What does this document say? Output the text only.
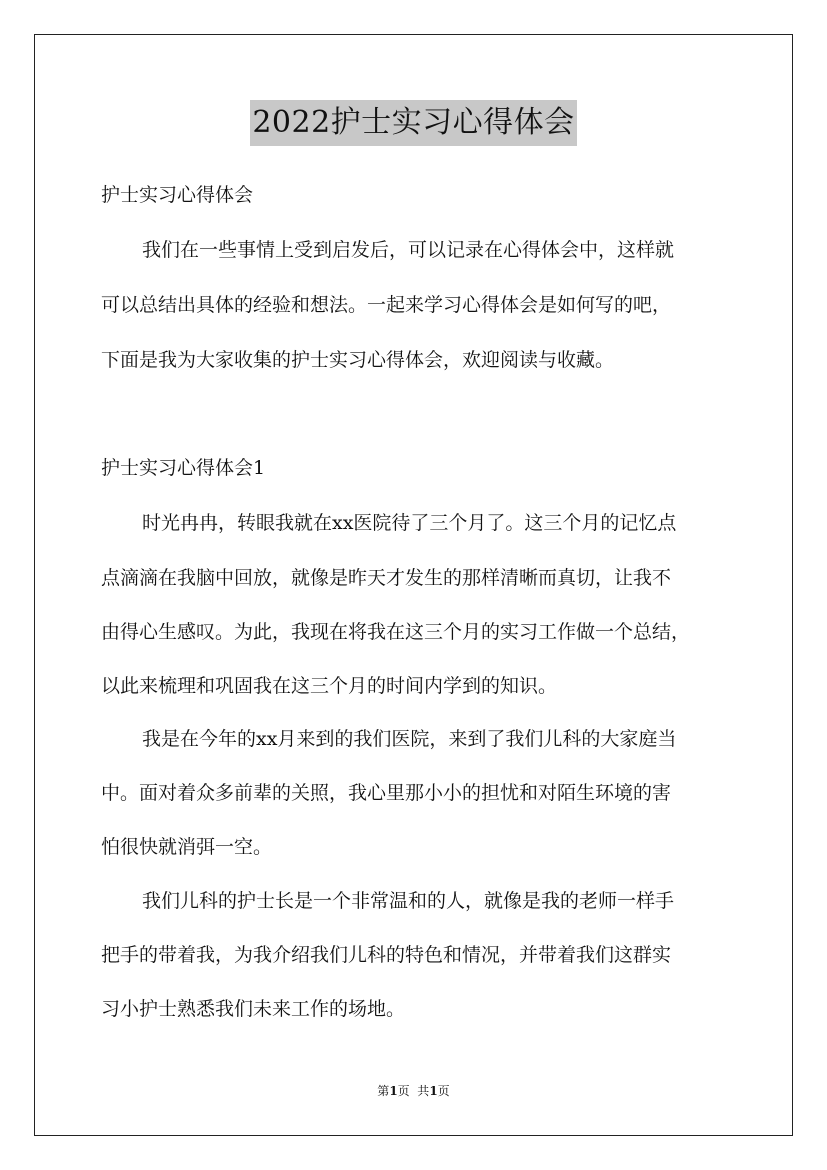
2022护士实习心得体会
护士实习心得体会
我们在一些事情上受到启发后，可以记录在心得体会中，这样就
可以总结出具体的经验和想法。一起来学习心得体会是如何写的吧，
下面是我为大家收集的护士实习心得体会，欢迎阅读与收藏。
护士实习心得体会1
时光冉冉，转眼我就在xx医院待了三个月了。这三个月的记忆点
点滴滴在我脑中回放，就像是昨天才发生的那样清晰而真切，让我不
由得心生感叹。为此，我现在将我在这三个月的实习工作做一个总结，
以此来梳理和巩固我在这三个月的时间内学到的知识。
我是在今年的xx月来到的我们医院，来到了我们儿科的大家庭当
中。面对着众多前辈的关照，我心里那小小的担忧和对陌生环境的害
怕很快就消弭一空。
我们儿科的护士长是一个非常温和的人，就像是我的老师一样手
把手的带着我，为我介绍我们儿科的特色和情况，并带着我们这群实
习小护士熟悉我们未来工作的场地。
第1页  共1页
